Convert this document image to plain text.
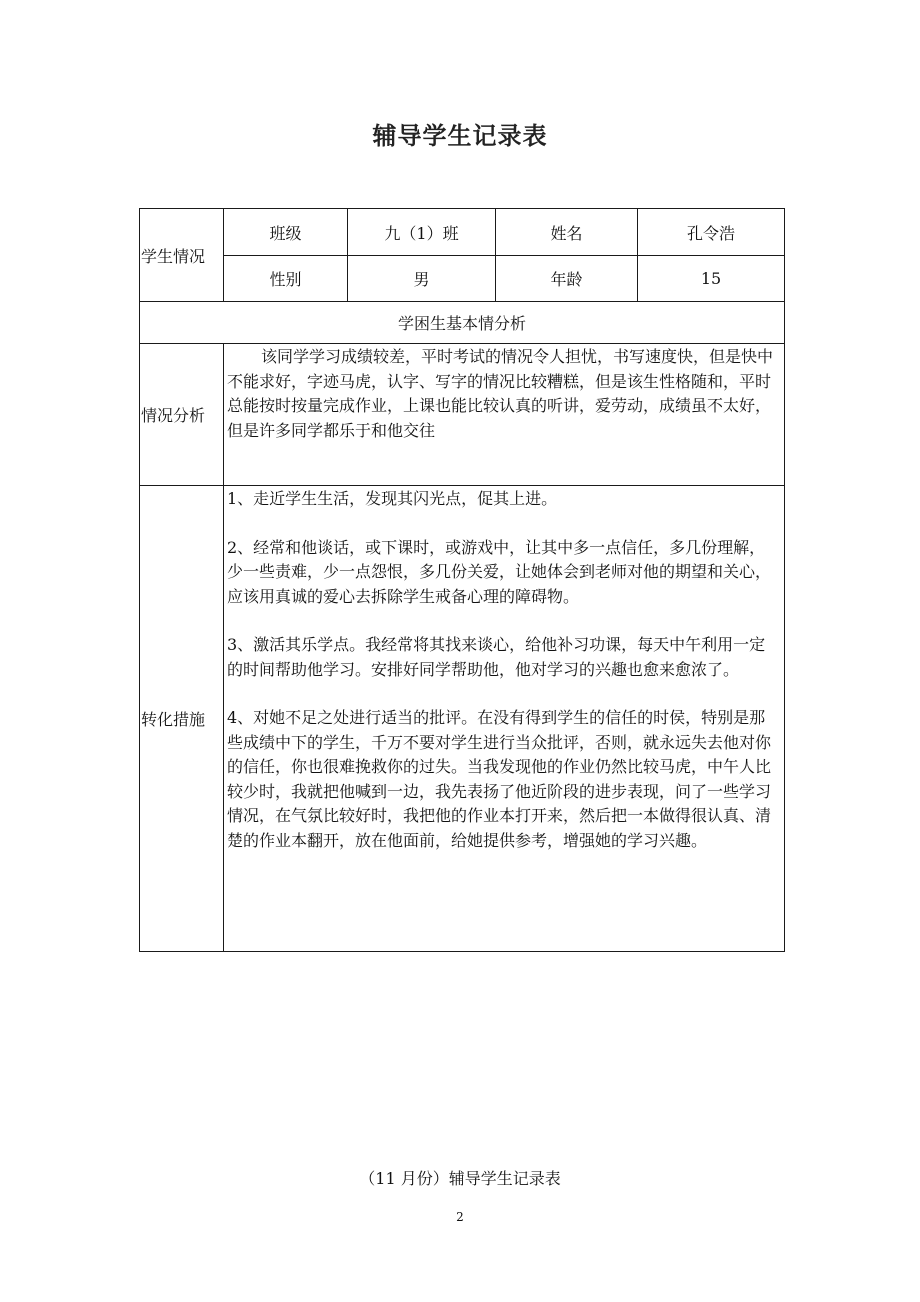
辅导学生记录表
学生情况	班级	九（1）班	姓名	孔令浩
	性别	男	年龄	15
学困生基本情分析				
情况分析	该同学学习成绩较差，平时考试的情况令人担忧，书写速度快，但是快中不能求好，字迹马虎，认字、写字的情况比较糟糕，但是该生性格随和，平时总能按时按量完成作业，上课也能比较认真的听讲，爱劳动，成绩虽不太好，但是许多同学都乐于和他交往			

转化措施	1、走近学生生活，发现其闪光点，促其上进。

2、经常和他谈话，或下课时，或游戏中，让其中多一点信任，多几份理解，少一些责难，少一点怨恨，多几份关爱，让她体会到老师对他的期望和关心，应该用真诚的爱心去拆除学生戒备心理的障碍物。

3、激活其乐学点。我经常将其找来谈心，给他补习功课，每天中午利用一定的时间帮助他学习。安排好同学帮助他，他对学习的兴趣也愈来愈浓了。

4、对她不足之处进行适当的批评。在没有得到学生的信任的时侯，特别是那些成绩中下的学生，千万不要对学生进行当众批评，否则，就永远失去他对你的信任，你也很难挽救你的过失。当我发现他的作业仍然比较马虎，中午人比较少时，我就把他喊到一边，我先表扬了他近阶段的进步表现，问了一些学习情况，在气氛比较好时，我把他的作业本打开来，然后把一本做得很认真、清楚的作业本翻开，放在他面前，给她提供参考，增强她的学习兴趣。			

（11 月份）辅导学生记录表
2
